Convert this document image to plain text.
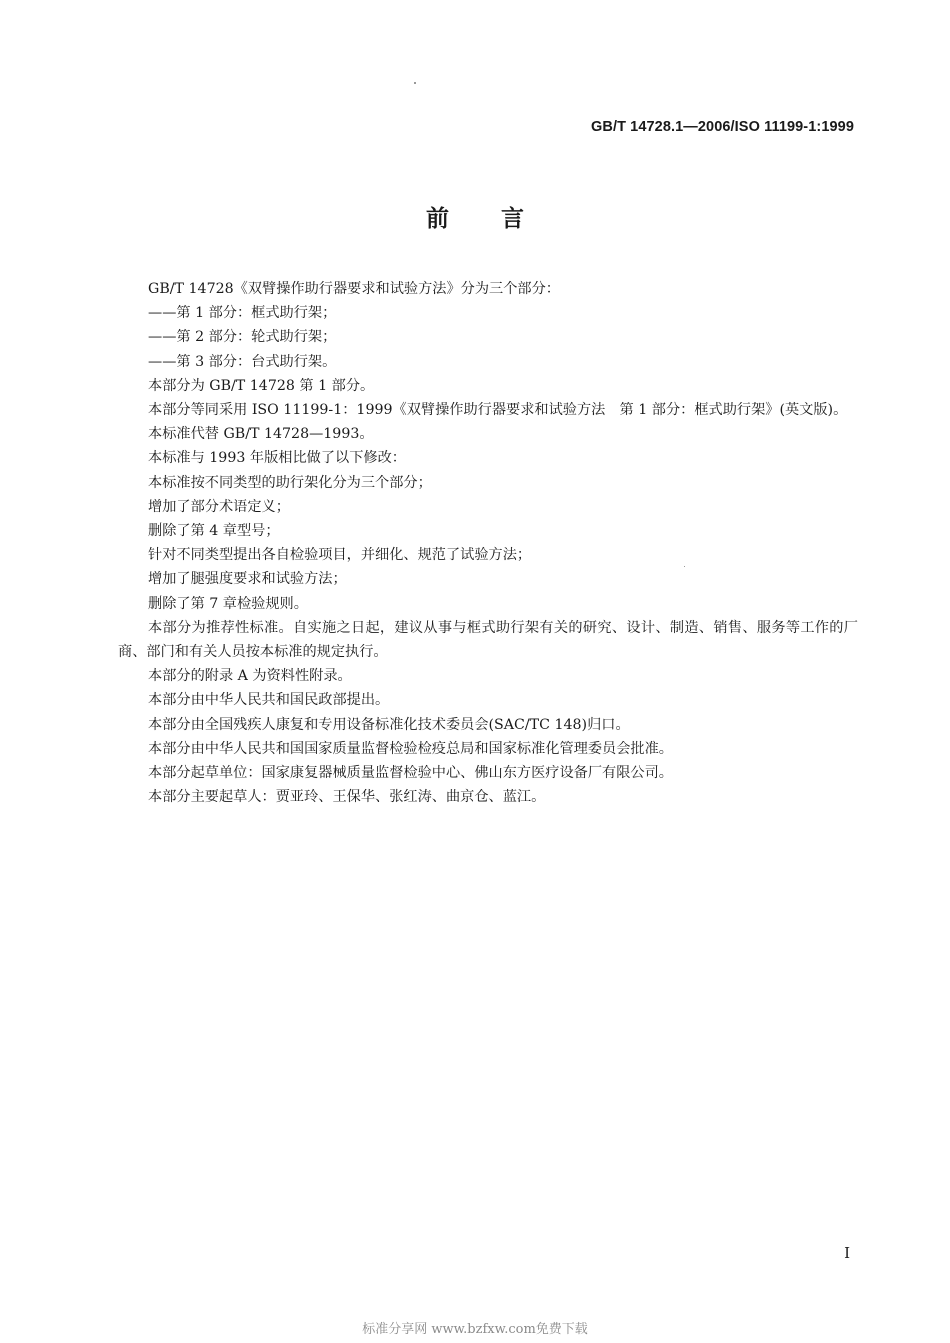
GB/T 14728.1—2006/ISO 11199-1:1999
前 言

GB/T 14728《双臂操作助行器要求和试验方法》分为三个部分：

——第 1 部分：框式助行架；

——第 2 部分：轮式助行架；

——第 3 部分：台式助行架。

本部分为 GB/T 14728 第 1 部分。

本部分等同采用 ISO 11199-1：1999《双臂操作助行器要求和试验方法　第 1 部分：框式助行架》(英文版)。

本标准代替 GB/T 14728—1993。

本标准与 1993 年版相比做了以下修改：

本标准按不同类型的助行架化分为三个部分；

增加了部分术语定义；

删除了第 4 章型号；

针对不同类型提出各自检验项目，并细化、规范了试验方法；

增加了腿强度要求和试验方法；

删除了第 7 章检验规则。

本部分为推荐性标准。自实施之日起，建议从事与框式助行架有关的研究、设计、制造、销售、服务等工作的厂商、部门和有关人员按本标准的规定执行。

本部分的附录 A 为资料性附录。

本部分由中华人民共和国民政部提出。

本部分由全国残疾人康复和专用设备标准化技术委员会(SAC/TC 148)归口。

本部分由中华人民共和国国家质量监督检验检疫总局和国家标准化管理委员会批准。

本部分起草单位：国家康复器械质量监督检验中心、佛山东方医疗设备厂有限公司。

本部分主要起草人：贾亚玲、王保华、张红涛、曲京仓、蓝江。

I
标准分享网 www.bzfxw.com免费下载
